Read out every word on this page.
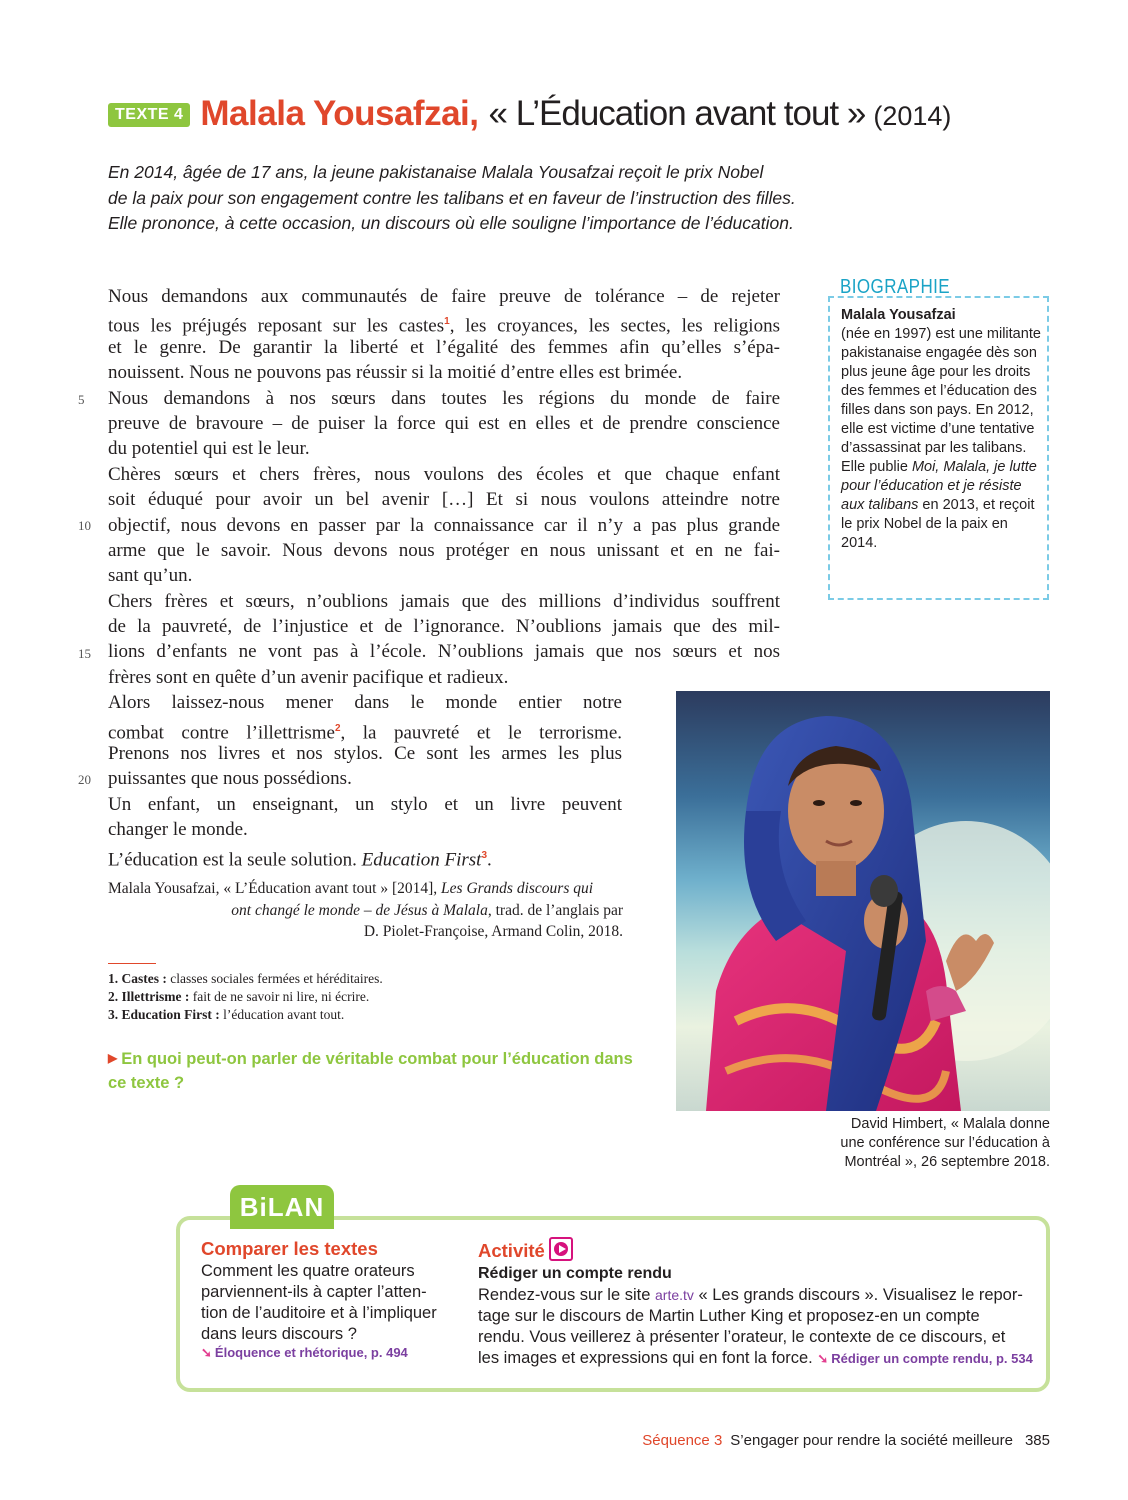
TEXTE 4 Malala Yousafzai, « L’Éducation avant tout » (2014)
En 2014, âgée de 17 ans, la jeune pakistanaise Malala Yousafzai reçoit le prix Nobel
de la paix pour son engagement contre les talibans et en faveur de l’instruction des filles.
Elle prononce, à cette occasion, un discours où elle souligne l’importance de l’éducation.
Nous demandons aux communautés de faire preuve de tolérance – de rejeter
tous les préjugés reposant sur les castes$^1$, les croyances, les sectes, les religions
et le genre. De garantir la liberté et l’égalité des femmes afin qu’elles s’épa-
nouissent. Nous ne pouvons pas réussir si la moitié d’entre elles est brimée.
Nous demandons à nos sœurs dans toutes les régions du monde de faire
preuve de bravoure – de puiser la force qui est en elles et de prendre conscience
du potentiel qui est le leur.
Chères sœurs et chers frères, nous voulons des écoles et que chaque enfant
soit éduqué pour avoir un bel avenir […] Et si nous voulons atteindre notre
objectif, nous devons en passer par la connaissance car il n’y a pas plus grande
arme que le savoir. Nous devons nous protéger en nous unissant et en ne fai-
sant qu’un.
Chers frères et sœurs, n’oublions jamais que des millions d’individus souffrent
de la pauvreté, de l’injustice et de l’ignorance. N’oublions jamais que des mil-
lions d’enfants ne vont pas à l’école. N’oublions jamais que nos sœurs et nos
frères sont en quête d’un avenir pacifique et radieux.
Alors laissez-nous mener dans le monde entier notre
combat contre l’illettrisme$^2$, la pauvreté et le terrorisme.
Prenons nos livres et nos stylos. Ce sont les armes les plus
puissantes que nous possédions.
Un enfant, un enseignant, un stylo et un livre peuvent
changer le monde.
L’éducation est la seule solution. Education First$^3$.
5
10
15
20
Malala Yousafzai, « L’Éducation avant tout » [2014], Les Grands discours qui
ont changé le monde – de Jésus à Malala, trad. de l’anglais par
D. Piolet-Françoise, Armand Colin, 2018.
1. Castes : classes sociales fermées et héréditaires.
2. Illettrisme : fait de ne savoir ni lire, ni écrire.
3. Education First : l’éducation avant tout.
▶ En quoi peut-on parler de véritable combat pour l’éducation dans ce texte ?
BIOGRAPHIE
Malala Yousafzai
(née en 1997) est une militante pakistanaise engagée dès son plus jeune âge pour les droits des femmes et l’éducation des filles dans son pays. En 2012, elle est victime d’une tentative d’assassinat par les talibans. Elle publie Moi, Malala, je lutte pour l’éducation et je résiste aux talibans en 2013, et reçoit le prix Nobel de la paix en 2014.
David Himbert, « Malala donne
une conférence sur l’éducation à
Montréal », 26 septembre 2018.
BiLAN
Comparer les textes
Comment les quatre orateurs
parviennent-ils à capter l’atten-
tion de l’auditoire et à l’impliquer
dans leurs discours ?
➘ Éloquence et rhétorique, p. 494
Activité
Rédiger un compte rendu
Rendez-vous sur le site arte.tv « Les grands discours ». Visualisez le repor-
tage sur le discours de Martin Luther King et proposez-en un compte
rendu. Vous veillerez à présenter l’orateur, le contexte de ce discours, et
les images et expressions qui en font la force. ➘ Rédiger un compte rendu, p. 534
Séquence 3 S’engager pour rendre la société meilleure 385
